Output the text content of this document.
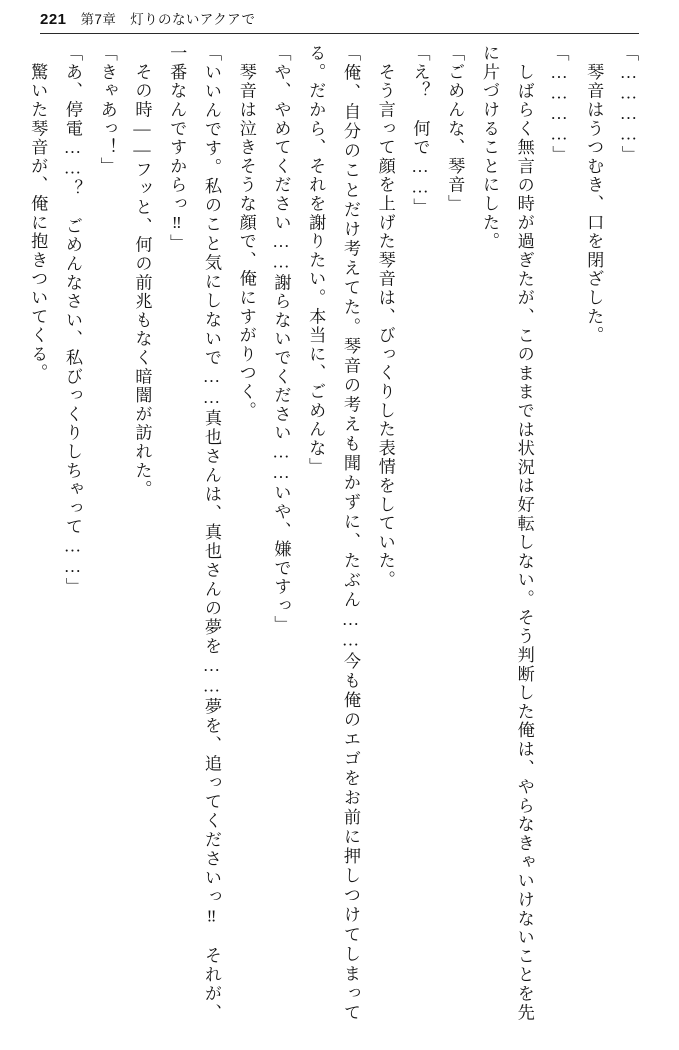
221 第7章 灯りのないアクアで

「…………」

　琴音はうつむき、口を閉ざした。

「…………」

　しばらく無言の時が過ぎたが、このままでは状況は好転しない。そう判断した俺は、やらなきゃいけないことを先に片づけることにした。

「ごめんな、琴音」

「え？　何で……」

　そう言って顔を上げた琴音は、びっくりした表情をしていた。

「俺、自分のことだけ考えてた。琴音の考えも聞かずに、たぶん……今も俺のエゴをお前に押しつけてしまってる。だから、それを謝りたい。本当に、ごめんな」

「や、やめてください……謝らないでください……いや、嫌ですっ」

　琴音は泣きそうな顔で、俺にすがりつく。

「いいんです。私のこと気にしないで……真也さんは、真也さんの夢を……夢を、追ってくださいっ‼　それが、一番なんですからっ‼」

　その時――フッと、何の前兆もなく暗闇が訪れた。

「きゃあっ！」

「あ、停電……？　ごめんなさい、私びっくりしちゃって……」

　驚いた琴音が、俺に抱きついてくる。
